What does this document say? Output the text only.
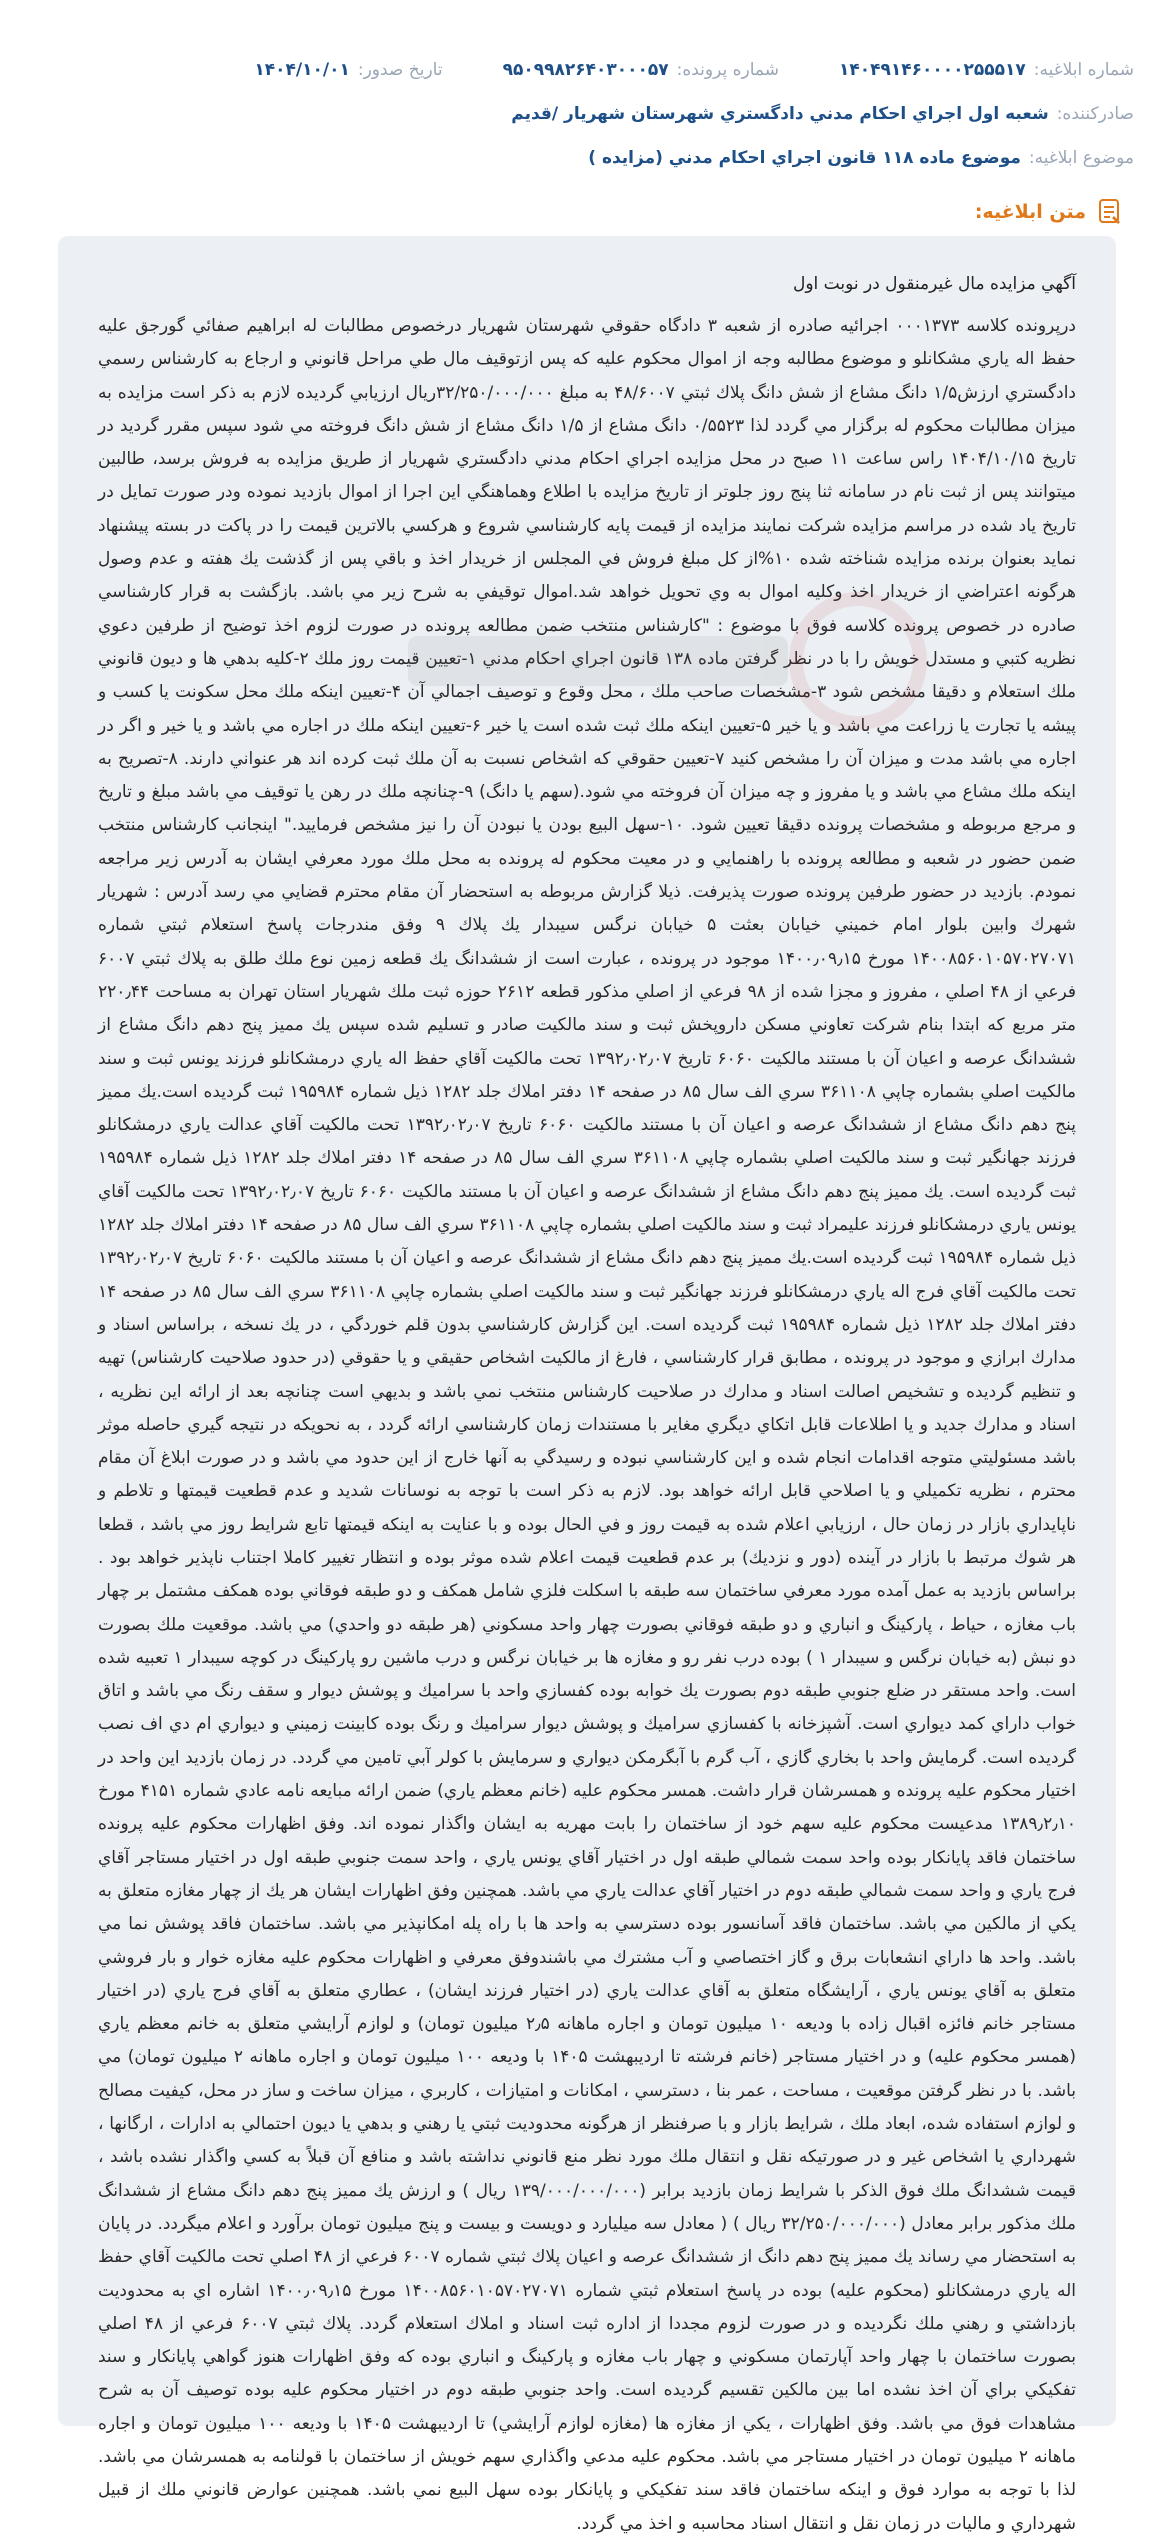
شماره ابلاغيه:
۱۴۰۴۹۱۴۶۰۰۰۰۲۵۵۵۱۷
شماره پرونده:
۹۵۰۹۹۸۲۶۴۰۳۰۰۰۵۷
تاريخ صدور:
۱۴۰۴/۱۰/۰۱
صادرکننده:
شعبه اول اجراي احكام مدني دادگستري شهرستان شهريار /قديم
موضوع ابلاغيه:
موضوع ماده ۱۱۸ قانون اجراي احکام مدني (مزايده )
متن ابلاغيه:
آگهي مزايده مال غيرمنقول در نوبت اول
درپرونده کلاسه ۰۰۰۱۳۷۳ اجرائيه صادره از شعبه ۳ دادگاه حقوقي شهرستان شهريار درخصوص مطالبات له ابراهيم صفائي گورجق عليه حفظ اله ياري مشكانلو و موضوع مطالبه وجه از اموال محكوم عليه كه پس ازتوقيف مال طي مراحل قانوني و ارجاع به كارشناس رسمي دادگستري ارزش۱/۵ دانگ مشاع از شش دانگ پلاك ثبتي ۴۸/۶۰۰۷ به مبلغ ۳۲/۲۵۰/۰۰۰/۰۰۰ريال ارزيابي گرديده لازم به ذكر است مزايده به ميزان مطالبات محكوم له برگزار مي گردد لذا ۰/۵۵۲۳ دانگ مشاع از ۱/۵ دانگ مشاع از شش دانگ فروخته مي شود سپس مقرر گرديد در تاريخ ۱۴۰۴/۱۰/۱۵ راس ساعت ۱۱ صبح در محل مزايده اجراي احكام مدني دادگستري شهريار از طريق مزايده به فروش برسد، طالبين ميتوانند پس از ثبت نام در سامانه ثنا پنج روز جلوتر از تاريخ مزايده با اطلاع وهماهنگي اين اجرا از اموال بازديد نموده ودر صورت تمايل در تاريخ ياد شده در مراسم مزايده شركت نمايند مزايده از قيمت پايه كارشناسي شروع و هركسي بالاترين قيمت را در پاكت در بسته پيشنهاد نمايد بعنوان برنده مزايده شناخته شده ۱۰%از كل مبلغ فروش في المجلس از خريدار اخذ و باقي پس از گذشت يك هفته و عدم وصول هرگونه اعتراضي از خريدار اخذ وكليه اموال به وي تحويل خواهد شد.اموال توقيفي به شرح زير مي باشد. بازگشت به قرار كارشناسي صادره در خصوص پرونده كلاسه فوق با موضوع : "كارشناس منتخب ضمن مطالعه پرونده در صورت لزوم اخذ توضيح از طرفين دعوي نظريه كتبي و مستدل خويش را با در نظر گرفتن ماده ۱۳۸ قانون اجراي احكام مدني ۱-تعيين قيمت روز ملك ۲-كليه بدهي ها و ديون قانوني ملك استعلام و دقيقا مشخص شود ۳-مشخصات صاحب ملك ، محل وقوع و توصيف اجمالي آن ۴-تعيين اينكه ملك محل سكونت يا كسب و پيشه يا تجارت يا زراعت مي باشد و يا خير ۵-تعيين اينكه ملك ثبت شده است يا خير ۶-تعيين اينكه ملك در اجاره مي باشد و يا خير و اگر در اجاره مي باشد مدت و ميزان آن را مشخص كنيد ۷-تعيين حقوقي كه اشخاص نسبت به آن ملك ثبت كرده اند هر عنواني دارند. ۸-تصريح به اينكه ملك مشاع مي باشد و يا مفروز و چه ميزان آن فروخته مي شود.(سهم يا دانگ) ۹-چنانچه ملك در رهن يا توقيف مي باشد مبلغ و تاريخ و مرجع مربوطه و مشخصات پرونده دقيقا تعيين شود. ۱۰-سهل البيع بودن يا نبودن آن را نيز مشخص فرماييد." اينجانب كارشناس منتخب ضمن حضور در شعبه و مطالعه پرونده با راهنمايي و در معيت محكوم له پرونده به محل ملك مورد معرفي ايشان به آدرس زير مراجعه نمودم. بازديد در حضور طرفين پرونده صورت پذيرفت. ذيلا گزارش مربوطه به استحضار آن مقام محترم قضايي مي رسد آدرس : شهريار شهرك وابين بلوار امام خميني خيابان بعثت ۵ خيابان نرگس سيبدار يك پلاك ۹ وفق مندرجات پاسخ استعلام ثبتي شماره ۱۴۰۰۸۵۶۰۱۰۵۷۰۲۷۰۷۱ مورخ ۱۴۰۰٫۰۹٫۱۵ موجود در پرونده ، عبارت است از ششدانگ يك قطعه زمين نوع ملك طلق به پلاك ثبتي ۶۰۰۷ فرعي از ۴۸ اصلي ، مفروز و مجزا شده از ۹۸ فرعي از اصلي مذكور قطعه ۲۶۱۲ حوزه ثبت ملك شهريار استان تهران به مساحت ۲۲۰٫۴۴ متر مربع كه ابتدا بنام شركت تعاوني مسكن داروپخش ثبت و سند مالكيت صادر و تسليم شده سپس يك مميز پنج دهم دانگ مشاع از ششدانگ عرصه و اعيان آن با مستند مالكيت ۶۰۶۰ تاريخ ۱۳۹۲٫۰۲٫۰۷ تحت مالكيت آقاي حفظ اله ياري درمشكانلو فرزند يونس ثبت و سند مالكيت اصلي بشماره چاپي ۳۶۱۱۰۸ سري الف سال ۸۵ در صفحه ۱۴ دفتر املاك جلد ۱۲۸۲ ذيل شماره ۱۹۵۹۸۴ ثبت گرديده است.يك مميز پنج دهم دانگ مشاع از ششدانگ عرصه و اعيان آن با مستند مالكيت ۶۰۶۰ تاريخ ۱۳۹۲٫۰۲٫۰۷ تحت مالكيت آقاي عدالت ياري درمشكانلو فرزند جهانگير ثبت و سند مالكيت اصلي بشماره چاپي ۳۶۱۱۰۸ سري الف سال ۸۵ در صفحه ۱۴ دفتر املاك جلد ۱۲۸۲ ذيل شماره ۱۹۵۹۸۴ ثبت گرديده است. يك مميز پنج دهم دانگ مشاع از ششدانگ عرصه و اعيان آن با مستند مالكيت ۶۰۶۰ تاريخ ۱۳۹۲٫۰۲٫۰۷ تحت مالكيت آقاي يونس ياري درمشكانلو فرزند عليمراد ثبت و سند مالكيت اصلي بشماره چاپي ۳۶۱۱۰۸ سري الف سال ۸۵ در صفحه ۱۴ دفتر املاك جلد ۱۲۸۲ ذيل شماره ۱۹۵۹۸۴ ثبت گرديده است.يك مميز پنج دهم دانگ مشاع از ششدانگ عرصه و اعيان آن با مستند مالكيت ۶۰۶۰ تاريخ ۱۳۹۲٫۰۲٫۰۷ تحت مالكيت آقاي فرج اله ياري درمشكانلو فرزند جهانگير ثبت و سند مالكيت اصلي بشماره چاپي ۳۶۱۱۰۸ سري الف سال ۸۵ در صفحه ۱۴ دفتر املاك جلد ۱۲۸۲ ذيل شماره ۱۹۵۹۸۴ ثبت گرديده است. اين گزارش كارشناسي بدون قلم خوردگي ، در يك نسخه ، براساس اسناد و مدارك ابرازي و موجود در پرونده ، مطابق قرار كارشناسي ، فارغ از مالكيت اشخاص حقيقي و يا حقوقي (در حدود صلاحيت كارشناس) تهيه و تنظيم گرديده و تشخيص اصالت اسناد و مدارك در صلاحيت كارشناس منتخب نمي باشد و بديهي است چنانچه بعد از ارائه اين نظريه ، اسناد و مدارك جديد و يا اطلاعات قابل اتكاي ديگري مغاير با مستندات زمان كارشناسي ارائه گردد ، به نحويكه در نتيجه گيري حاصله موثر باشد مسئوليتي متوجه اقدامات انجام شده و اين كارشناسي نبوده و رسيدگي به آنها خارج از اين حدود مي باشد و در صورت ابلاغ آن مقام محترم ، نظريه تكميلي و يا اصلاحي قابل ارائه خواهد بود. لازم به ذكر است با توجه به نوسانات شديد و عدم قطعيت قيمتها و تلاطم و ناپايداري بازار در زمان حال ، ارزيابي اعلام شده به قيمت روز و في الحال بوده و با عنايت به اينكه قيمتها تابع شرايط روز مي باشد ، قطعا هر شوك مرتبط با بازار در آينده (دور و نزديك) بر عدم قطعيت قيمت اعلام شده موثر بوده و انتظار تغيير كاملا اجتناب ناپذير خواهد بود . براساس بازديد به عمل آمده مورد معرفي ساختمان سه طبقه با اسكلت فلزي شامل همكف و دو طبقه فوقاني بوده همكف مشتمل بر چهار باب مغازه ، حياط ، پاركينگ و انباري و دو طبقه فوقاني بصورت چهار واحد مسكوني (هر طبقه دو واحدي) مي باشد. موقعيت ملك بصورت دو نبش (به خيابان نرگس و سيبدار ۱ ) بوده درب نفر رو و مغازه ها بر خيابان نرگس و درب ماشين رو پاركينگ در كوچه سيبدار ۱ تعبيه شده است. واحد مستقر در ضلع جنوبي طبقه دوم بصورت يك خوابه بوده كفسازي واحد با سراميك و پوشش ديوار و سقف رنگ مي باشد و اتاق خواب داراي كمد ديواري است. آشپزخانه با كفسازي سراميك و پوشش ديوار سراميك و رنگ بوده كابينت زميني و ديواري ام دي اف نصب گرديده است. گرمايش واحد با بخاري گازي ، آب گرم با آبگرمكن ديواري و سرمايش با كولر آبي تامين مي گردد. در زمان بازديد اين واحد در اختيار محكوم عليه پرونده و همسرشان قرار داشت. همسر محكوم عليه (خانم معظم ياري) ضمن ارائه مبايعه نامه عادي شماره ۴۱۵۱ مورخ ۱۳۸۹٫۲٫۱۰ مدعيست محكوم عليه سهم خود از ساختمان را بابت مهريه به ايشان واگذار نموده اند. وفق اظهارات محكوم عليه پرونده ساختمان فاقد پايانكار بوده واحد سمت شمالي طبقه اول در اختيار آقاي يونس ياري ، واحد سمت جنوبي طبقه اول در اختيار مستاجر آقاي فرج ياري و واحد سمت شمالي طبقه دوم در اختيار آقاي عدالت ياري مي باشد. همچنين وفق اظهارات ايشان هر يك از چهار مغازه متعلق به يكي از مالكين مي باشد. ساختمان فاقد آسانسور بوده دسترسي به واحد ها با راه پله امكانپذير مي باشد. ساختمان فاقد پوشش نما مي باشد. واحد ها داراي انشعابات برق و گاز اختصاصي و آب مشترك مي باشندوفق معرفي و اظهارات محكوم عليه مغازه خوار و بار فروشي متعلق به آقاي يونس ياري ، آرايشگاه متعلق به آقاي عدالت ياري (در اختيار فرزند ايشان) ، عطاري متعلق به آقاي فرج ياري (در اختيار مستاجر خانم فائزه اقبال زاده با وديعه ۱۰ ميليون تومان و اجاره ماهانه ۲٫۵ ميليون تومان) و لوازم آرايشي متعلق به خانم معظم ياري (همسر محكوم عليه) و در اختيار مستاجر (خانم فرشته تا ارديبهشت ۱۴۰۵ با وديعه ۱۰۰ ميليون تومان و اجاره ماهانه ۲ ميليون تومان) مي باشد. با در نظر گرفتن موقعيت ، مساحت ، عمر بنا ، دسترسي ، امكانات و امتيازات ، كاربري ، ميزان ساخت و ساز در محل، كيفيت مصالح و لوازم استفاده شده، ابعاد ملك ، شرايط بازار و با صرفنظر از هرگونه محدوديت ثبتي يا رهني و بدهي يا ديون احتمالي به ادارات ، ارگانها ، شهرداري يا اشخاص غير و در صورتيكه نقل و انتقال ملك مورد نظر منع قانوني نداشته باشد و منافع آن قبلاً به كسي واگذار نشده باشد ، قيمت ششدانگ ملك فوق الذكر با شرايط زمان بازديد برابر (۱۳۹/۰۰۰/۰۰۰/۰۰۰ ريال ) و ارزش يك مميز پنج دهم دانگ مشاع از ششدانگ ملك مذكور برابر معادل (۳۲/۲۵۰/۰۰۰/۰۰۰ ريال ) ( معادل سه ميليارد و دويست و بيست و پنج ميليون تومان برآورد و اعلام ميگردد. در پايان به استحضار مي رساند يك مميز پنج دهم دانگ از ششدانگ عرصه و اعيان پلاك ثبتي شماره ۶۰۰۷ فرعي از ۴۸ اصلي تحت مالكيت آقاي حفظ اله ياري درمشكانلو (محكوم عليه) بوده در پاسخ استعلام ثبتي شماره ۱۴۰۰۸۵۶۰۱۰۵۷۰۲۷۰۷۱ مورخ ۱۴۰۰٫۰۹٫۱۵ اشاره اي به محدوديت بازداشتي و رهني ملك نگرديده و در صورت لزوم مجددا از اداره ثبت اسناد و املاك استعلام گردد. پلاك ثبتي ۶۰۰۷ فرعي از ۴۸ اصلي بصورت ساختمان با چهار واحد آپارتمان مسكوني و چهار باب مغازه و پاركينگ و انباري بوده كه وفق اظهارات هنوز گواهي پايانكار و سند تفكيكي براي آن اخذ نشده اما بين مالكين تقسيم گرديده است. واحد جنوبي طبقه دوم در اختيار محكوم عليه بوده توصيف آن به شرح مشاهدات فوق مي باشد. وفق اظهارات ، يكي از مغازه ها (مغازه لوازم آرايشي) تا ارديبهشت ۱۴۰۵ با وديعه ۱۰۰ ميليون تومان و اجاره ماهانه ۲ ميليون تومان در اختيار مستاجر مي باشد. محكوم عليه مدعي واگذاري سهم خويش از ساختمان با قولنامه به همسرشان مي باشد. لذا با توجه به موارد فوق و اينكه ساختمان فاقد سند تفكيكي و پايانكار بوده سهل البيع نمي باشد. همچنين عوارض قانوني ملك از قبيل شهرداري و ماليات در زمان نقل و انتقال اسناد محاسبه و اخذ مي گردد.
